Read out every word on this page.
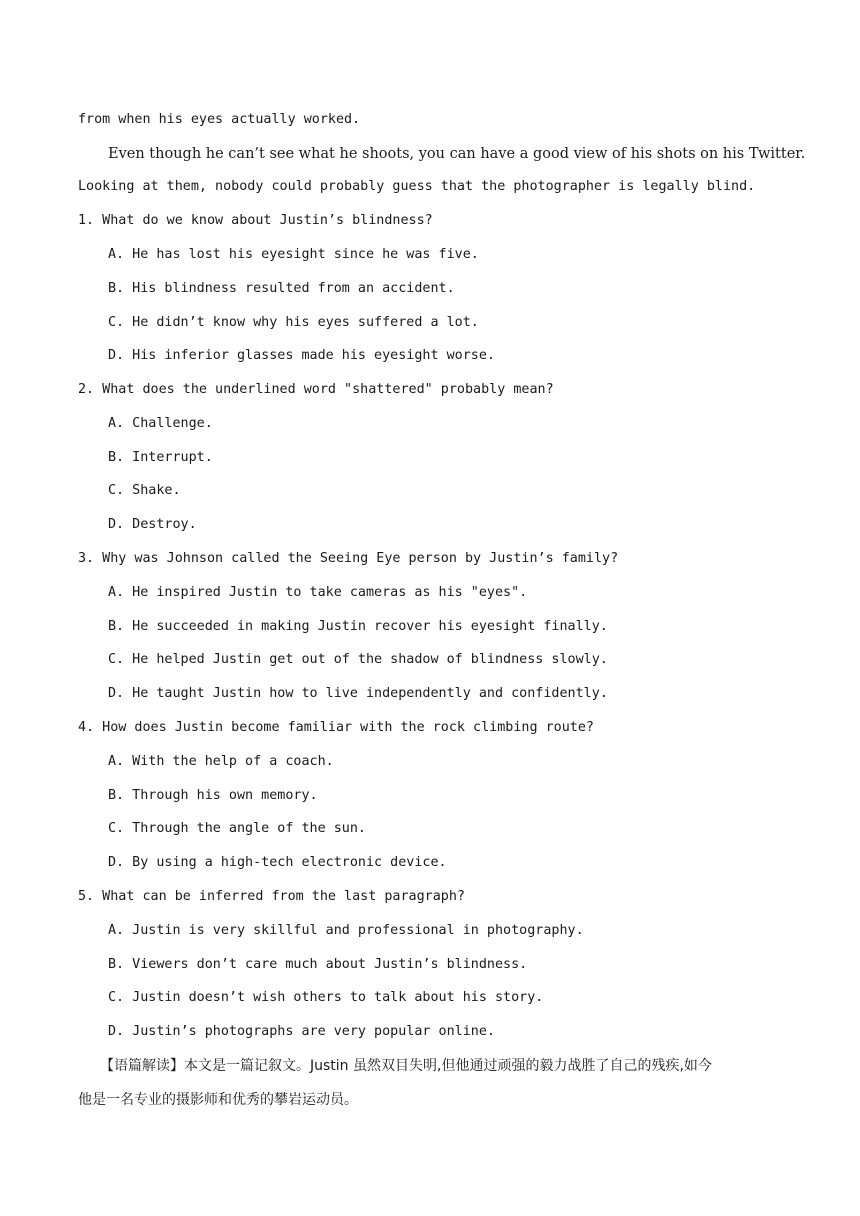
from when his eyes actually worked.
Even though he can’t see what he shoots, you can have a good view of his shots on his Twitter.
Looking at them, nobody could probably guess that the photographer is legally blind.
1. What do we know about Justin’s blindness?
A. He has lost his eyesight since he was five.
B. His blindness resulted from an accident.
C. He didn’t know why his eyes suffered a lot.
D. His inferior glasses made his eyesight worse.
2. What does the underlined word "shattered" probably mean?
A. Challenge.
B. Interrupt.
C. Shake.
D. Destroy.
3. Why was Johnson called the Seeing Eye person by Justin’s family?
A. He inspired Justin to take cameras as his "eyes".
B. He succeeded in making Justin recover his eyesight finally.
C. He helped Justin get out of the shadow of blindness slowly.
D. He taught Justin how to live independently and confidently.
4. How does Justin become familiar with the rock climbing route?
A. With the help of a coach.
B. Through his own memory.
C. Through the angle of the sun.
D. By using a high-tech electronic device.
5. What can be inferred from the last paragraph?
A. Justin is very skillful and professional in photography.
B. Viewers don’t care much about Justin’s blindness.
C. Justin doesn’t wish others to talk about his story.
D. Justin’s photographs are very popular online.
【语篇解读】本文是一篇记叙文。Justin 虽然双目失明,但他通过顽强的毅力战胜了自己的残疾,如今
他是一名专业的摄影师和优秀的攀岩运动员。
